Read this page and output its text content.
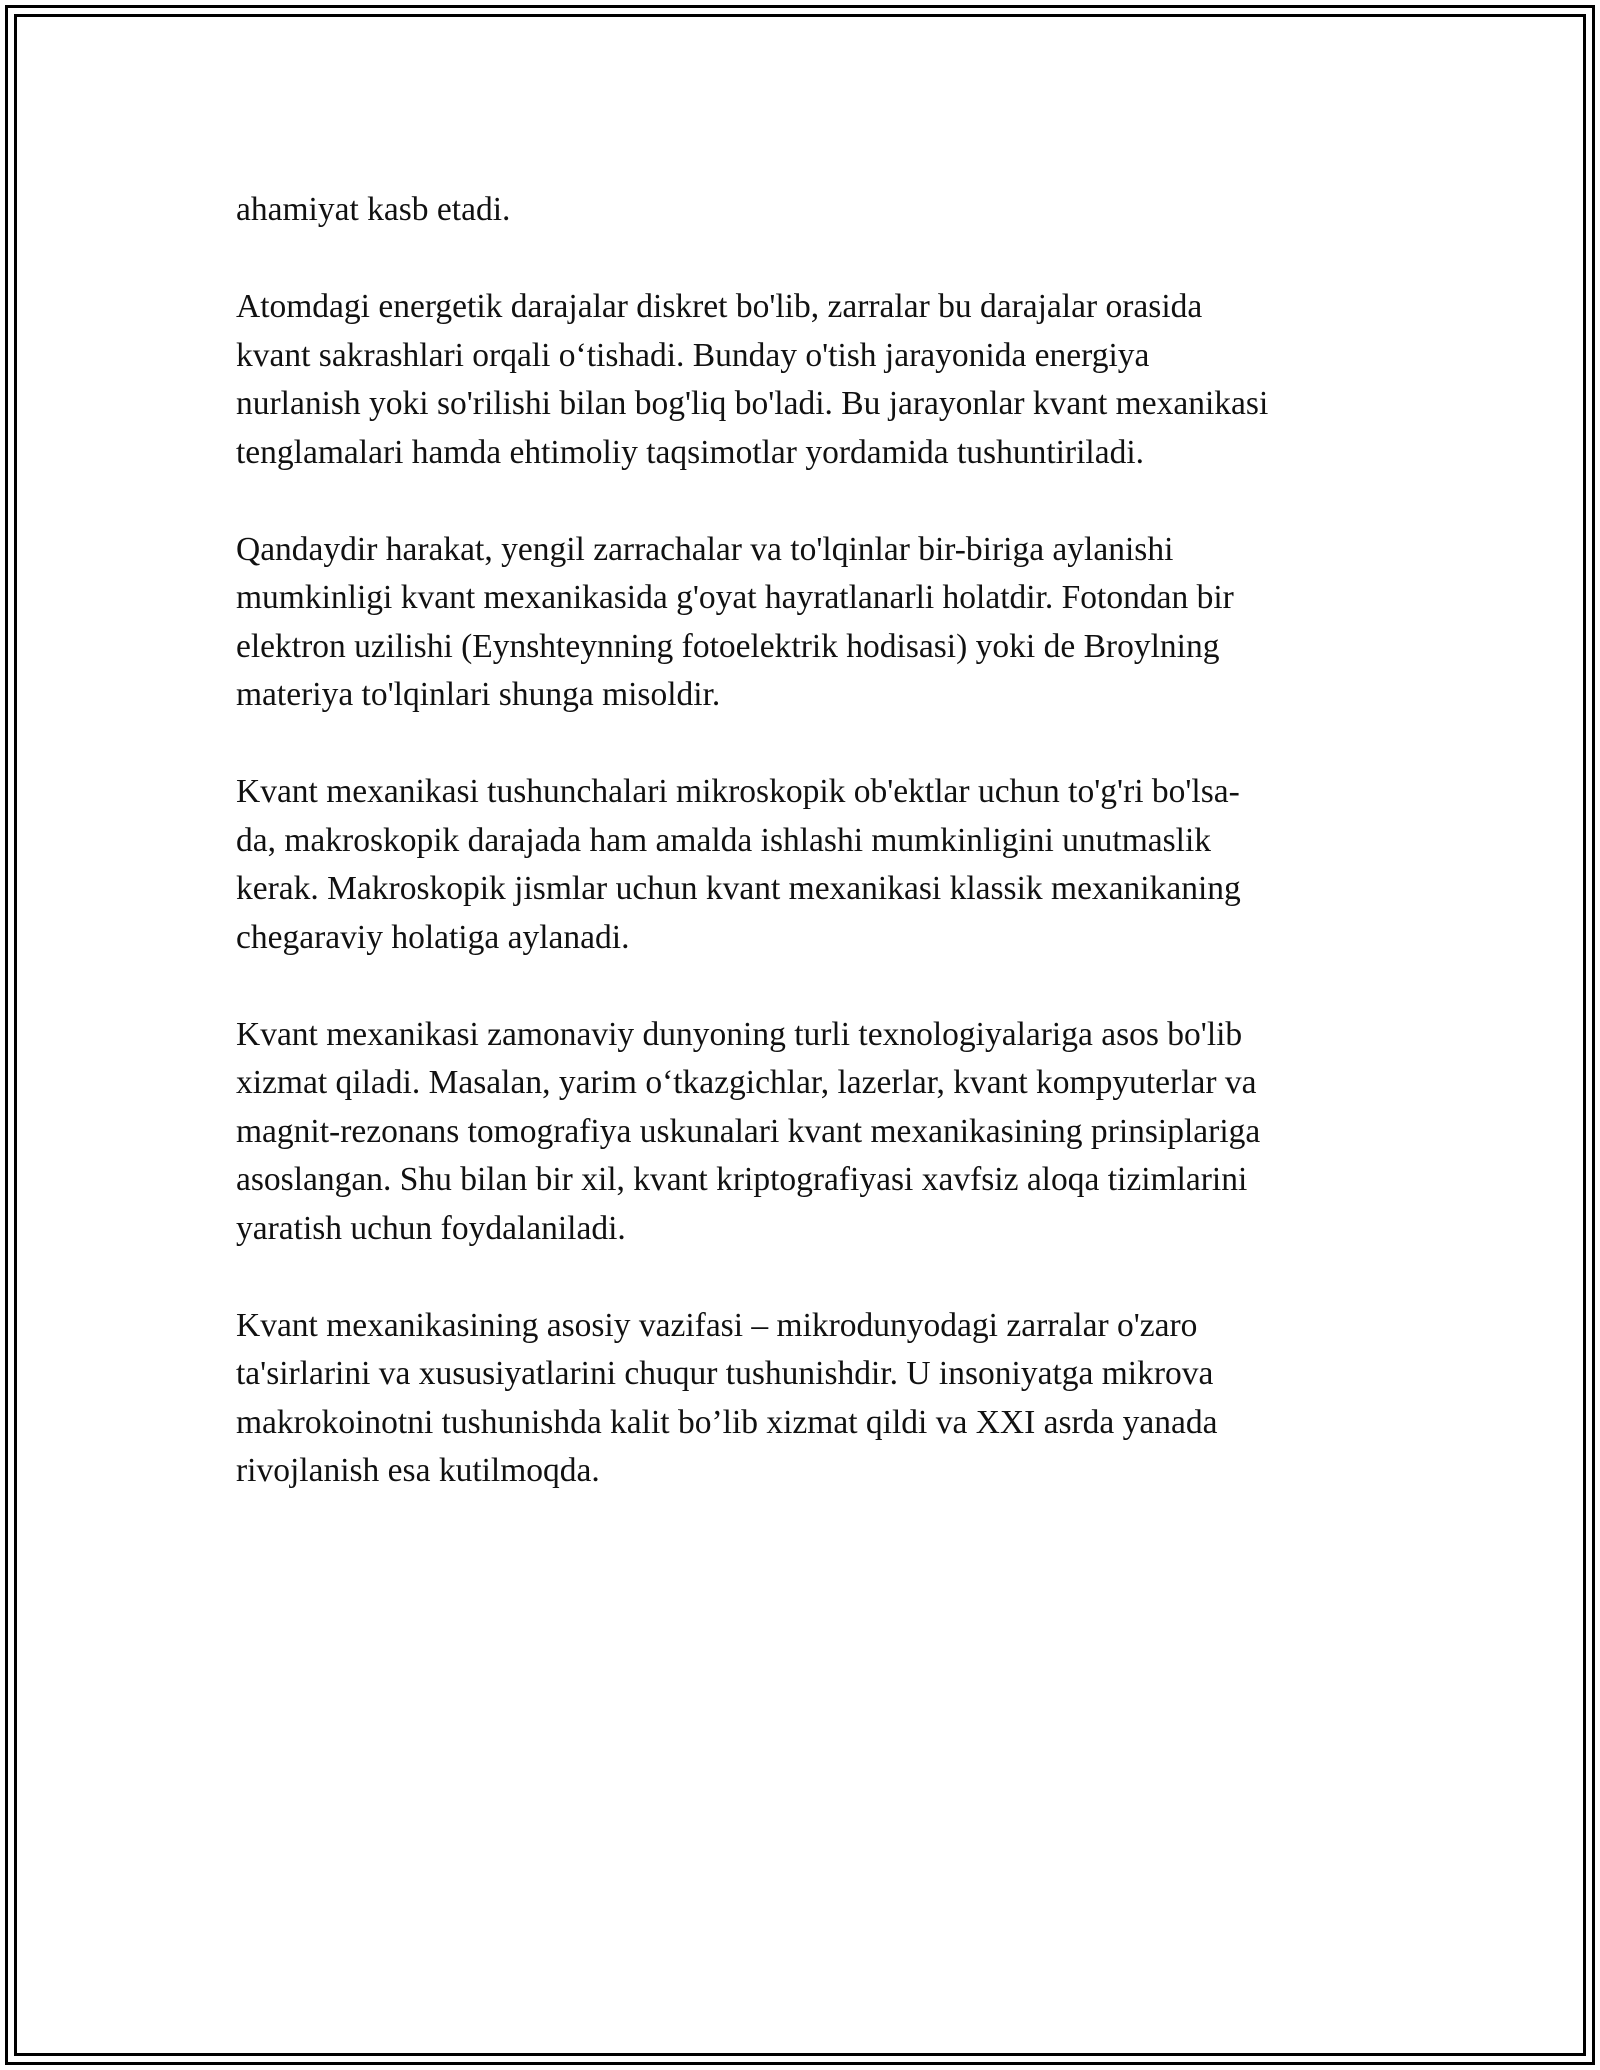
ahamiyat kasb etadi.

Atomdagi energetik darajalar diskret bo'lib, zarralar bu darajalar orasida
kvant sakrashlari orqali o‘tishadi. Bunday o'tish jarayonida energiya
nurlanish yoki so'rilishi bilan bog'liq bo'ladi. Bu jarayonlar kvant mexanikasi
tenglamalari hamda ehtimoliy taqsimotlar yordamida tushuntiriladi.

Qandaydir harakat, yengil zarrachalar va to'lqinlar bir-biriga aylanishi
mumkinligi kvant mexanikasida g'oyat hayratlanarli holatdir. Fotondan bir
elektron uzilishi (Eynshteynning fotoelektrik hodisasi) yoki de Broylning
materiya to'lqinlari shunga misoldir.

Kvant mexanikasi tushunchalari mikroskopik ob'ektlar uchun to'g'ri bo'lsa-
da, makroskopik darajada ham amalda ishlashi mumkinligini unutmaslik
kerak. Makroskopik jismlar uchun kvant mexanikasi klassik mexanikaning
chegaraviy holatiga aylanadi.

Kvant mexanikasi zamonaviy dunyoning turli texnologiyalariga asos bo'lib
xizmat qiladi. Masalan, yarim o‘tkazgichlar, lazerlar, kvant kompyuterlar va
magnit-rezonans tomografiya uskunalari kvant mexanikasining prinsiplariga
asoslangan. Shu bilan bir xil, kvant kriptografiyasi xavfsiz aloqa tizimlarini
yaratish uchun foydalaniladi.

Kvant mexanikasining asosiy vazifasi – mikrodunyodagi zarralar o'zaro
ta'sirlarini va xususiyatlarini chuqur tushunishdir. U insoniyatga mikrova
makrokoinotni tushunishda kalit bo’lib xizmat qildi va XXI asrda yanada
rivojlanish esa kutilmoqda.
